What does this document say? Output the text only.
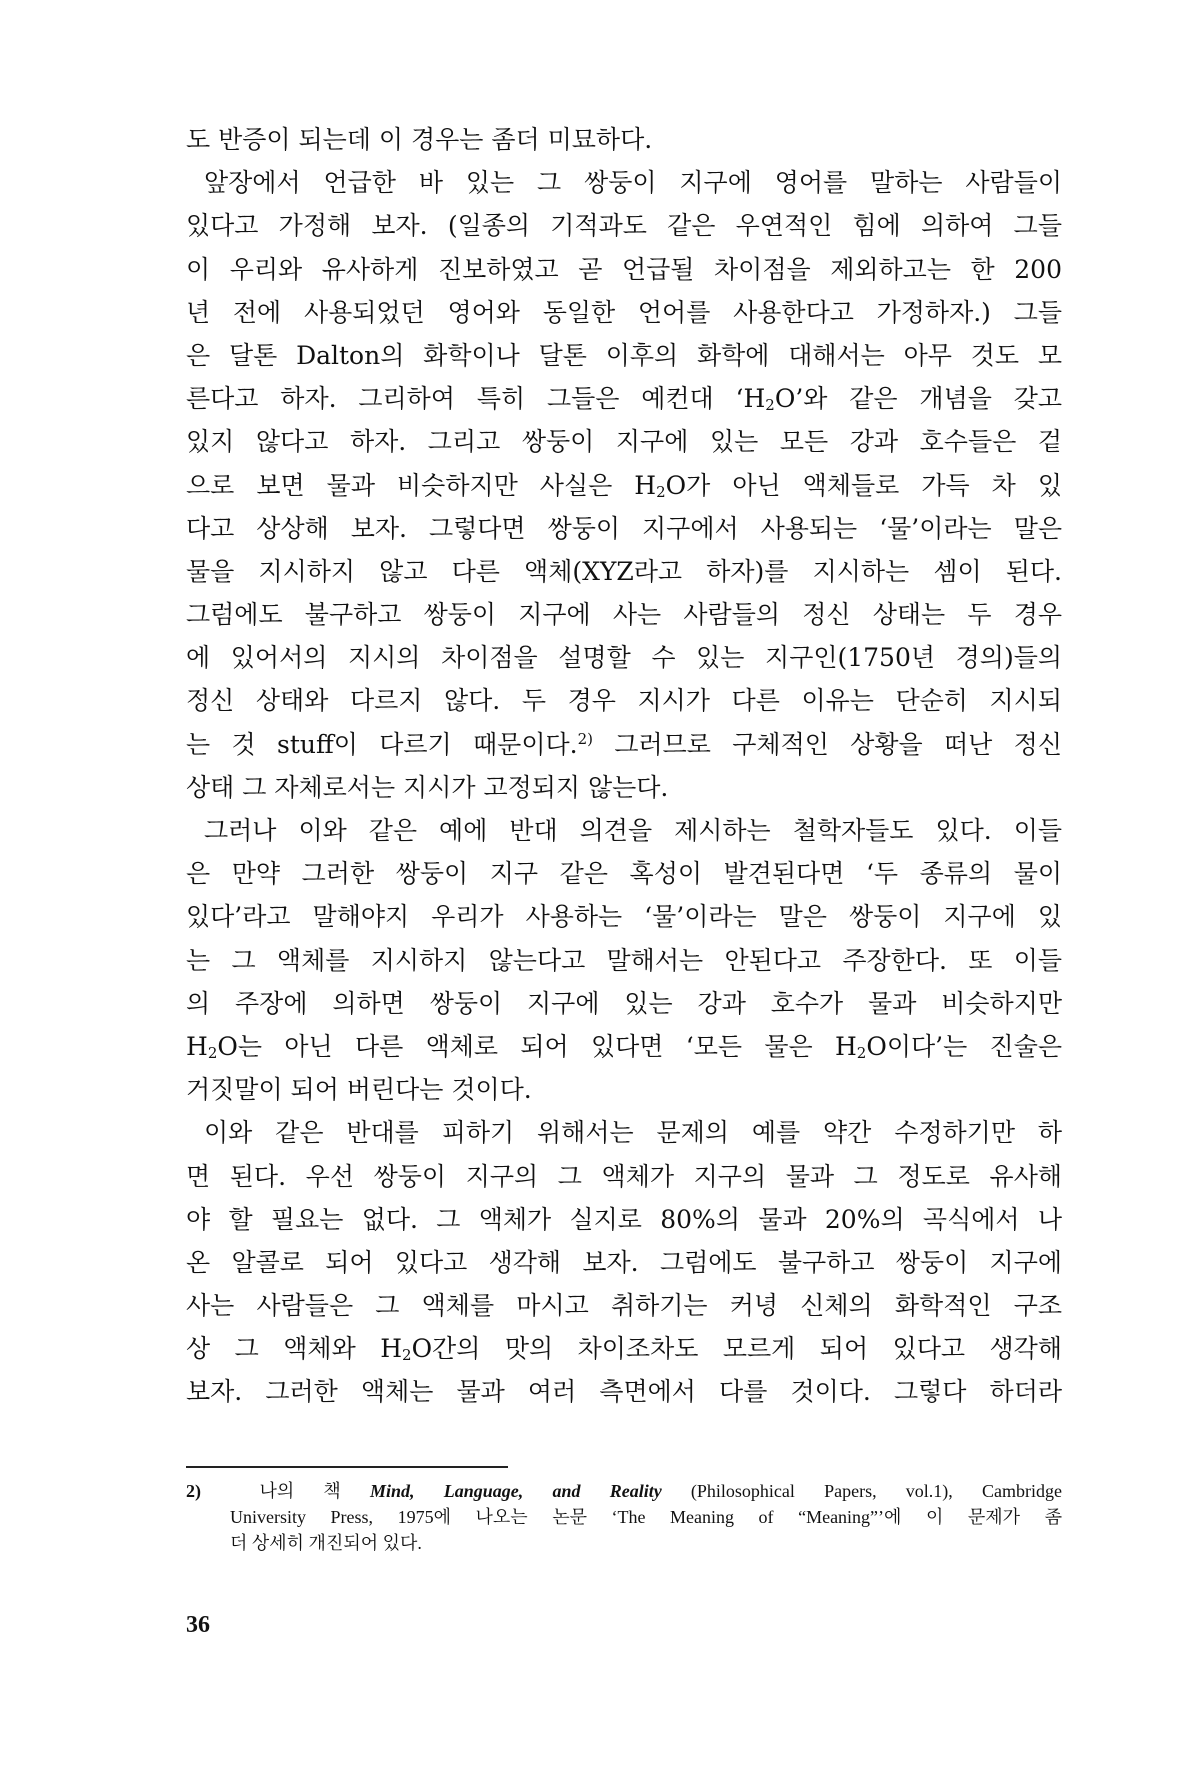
도 반증이 되는데 이 경우는 좀더 미묘하다.
앞장에서 언급한 바 있는 그 쌍둥이 지구에 영어를 말하는 사람들이
있다고 가정해 보자. (일종의 기적과도 같은 우연적인 힘에 의하여 그들
이 우리와 유사하게 진보하였고 곧 언급될 차이점을 제외하고는 한 200
년 전에 사용되었던 영어와 동일한 언어를 사용한다고 가정하자.) 그들
은 달톤 Dalton의 화학이나 달톤 이후의 화학에 대해서는 아무 것도 모
른다고 하자. 그리하여 특히 그들은 예컨대 ‘$H_2O$’와 같은 개념을 갖고
있지 않다고 하자. 그리고 쌍둥이 지구에 있는 모든 강과 호수들은 겉
으로 보면 물과 비슷하지만 사실은 $H_2O$가 아닌 액체들로 가득 차 있
다고 상상해 보자. 그렇다면 쌍둥이 지구에서 사용되는 ‘물’이라는 말은
물을 지시하지 않고 다른 액체(XYZ라고 하자)를 지시하는 셈이 된다.
그럼에도 불구하고 쌍둥이 지구에 사는 사람들의 정신 상태는 두 경우
에 있어서의 지시의 차이점을 설명할 수 있는 지구인(1750년 경의)들의
정신 상태와 다르지 않다. 두 경우 지시가 다른 이유는 단순히 지시되
는 것 stuff이 다르기 때문이다.$^{2)}$ 그러므로 구체적인 상황을 떠난 정신
상태 그 자체로서는 지시가 고정되지 않는다.
그러나 이와 같은 예에 반대 의견을 제시하는 철학자들도 있다. 이들
은 만약 그러한 쌍둥이 지구 같은 혹성이 발견된다면 ‘두 종류의 물이
있다’라고 말해야지 우리가 사용하는 ‘물’이라는 말은 쌍둥이 지구에 있
는 그 액체를 지시하지 않는다고 말해서는 안된다고 주장한다. 또 이들
의 주장에 의하면 쌍둥이 지구에 있는 강과 호수가 물과 비슷하지만
$H_2O$는 아닌 다른 액체로 되어 있다면 ‘모든 물은 $H_2O$이다’는 진술은
거짓말이 되어 버린다는 것이다.
이와 같은 반대를 피하기 위해서는 문제의 예를 약간 수정하기만 하
면 된다. 우선 쌍둥이 지구의 그 액체가 지구의 물과 그 정도로 유사해
야 할 필요는 없다. 그 액체가 실지로 80%의 물과 20%의 곡식에서 나
온 알콜로 되어 있다고 생각해 보자. 그럼에도 불구하고 쌍둥이 지구에
사는 사람들은 그 액체를 마시고 취하기는 커녕 신체의 화학적인 구조
상 그 액체와 $H_2O$간의 맛의 차이조차도 모르게 되어 있다고 생각해
보자. 그러한 액체는 물과 여러 측면에서 다를 것이다. 그렇다 하더라
2)	나의 책 Mind, Language, and Reality (Philosophical Papers, vol.1), Cambridge
University Press, 1975에 나오는 논문 ‘The Meaning of “Meaning”’에 이 문제가 좀
더 상세히 개진되어 있다.
36
